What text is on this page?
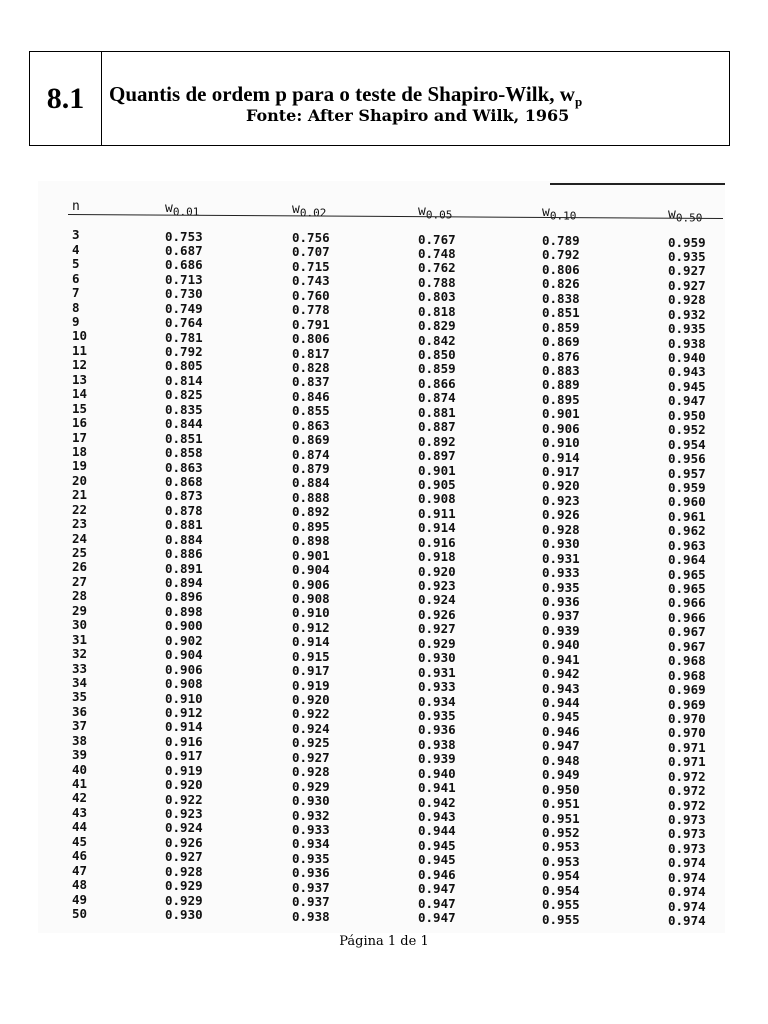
8.1	Quantis de ordem p para o teste de Shapiro-Wilk, $w_p$
Fonte: After Shapiro and Wilk, 1965
n	$w_{0.01}$	$w_{0.02}$	$w_{0.05}$	$w_{0.10}$	$w_{0.50}$
3	0.753	0.756	0.767	0.789	0.959
4	0.687	0.707	0.748	0.792	0.935
5	0.686	0.715	0.762	0.806	0.927
6	0.713	0.743	0.788	0.826	0.927
7	0.730	0.760	0.803	0.838	0.928
8	0.749	0.778	0.818	0.851	0.932
9	0.764	0.791	0.829	0.859	0.935
10	0.781	0.806	0.842	0.869	0.938
11	0.792	0.817	0.850	0.876	0.940
12	0.805	0.828	0.859	0.883	0.943
13	0.814	0.837	0.866	0.889	0.945
14	0.825	0.846	0.874	0.895	0.947
15	0.835	0.855	0.881	0.901	0.950
16	0.844	0.863	0.887	0.906	0.952
17	0.851	0.869	0.892	0.910	0.954
18	0.858	0.874	0.897	0.914	0.956
19	0.863	0.879	0.901	0.917	0.957
20	0.868	0.884	0.905	0.920	0.959
21	0.873	0.888	0.908	0.923	0.960
22	0.878	0.892	0.911	0.926	0.961
23	0.881	0.895	0.914	0.928	0.962
24	0.884	0.898	0.916	0.930	0.963
25	0.886	0.901	0.918	0.931	0.964
26	0.891	0.904	0.920	0.933	0.965
27	0.894	0.906	0.923	0.935	0.965
28	0.896	0.908	0.924	0.936	0.966
29	0.898	0.910	0.926	0.937	0.966
30	0.900	0.912	0.927	0.939	0.967
31	0.902	0.914	0.929	0.940	0.967
32	0.904	0.915	0.930	0.941	0.968
33	0.906	0.917	0.931	0.942	0.968
34	0.908	0.919	0.933	0.943	0.969
35	0.910	0.920	0.934	0.944	0.969
36	0.912	0.922	0.935	0.945	0.970
37	0.914	0.924	0.936	0.946	0.970
38	0.916	0.925	0.938	0.947	0.971
39	0.917	0.927	0.939	0.948	0.971
40	0.919	0.928	0.940	0.949	0.972
41	0.920	0.929	0.941	0.950	0.972
42	0.922	0.930	0.942	0.951	0.972
43	0.923	0.932	0.943	0.951	0.973
44	0.924	0.933	0.944	0.952	0.973
45	0.926	0.934	0.945	0.953	0.973
46	0.927	0.935	0.945	0.953	0.974
47	0.928	0.936	0.946	0.954	0.974
48	0.929	0.937	0.947	0.954	0.974
49	0.929	0.937	0.947	0.955	0.974
50	0.930	0.938	0.947	0.955	0.974
Página 1 de 1
